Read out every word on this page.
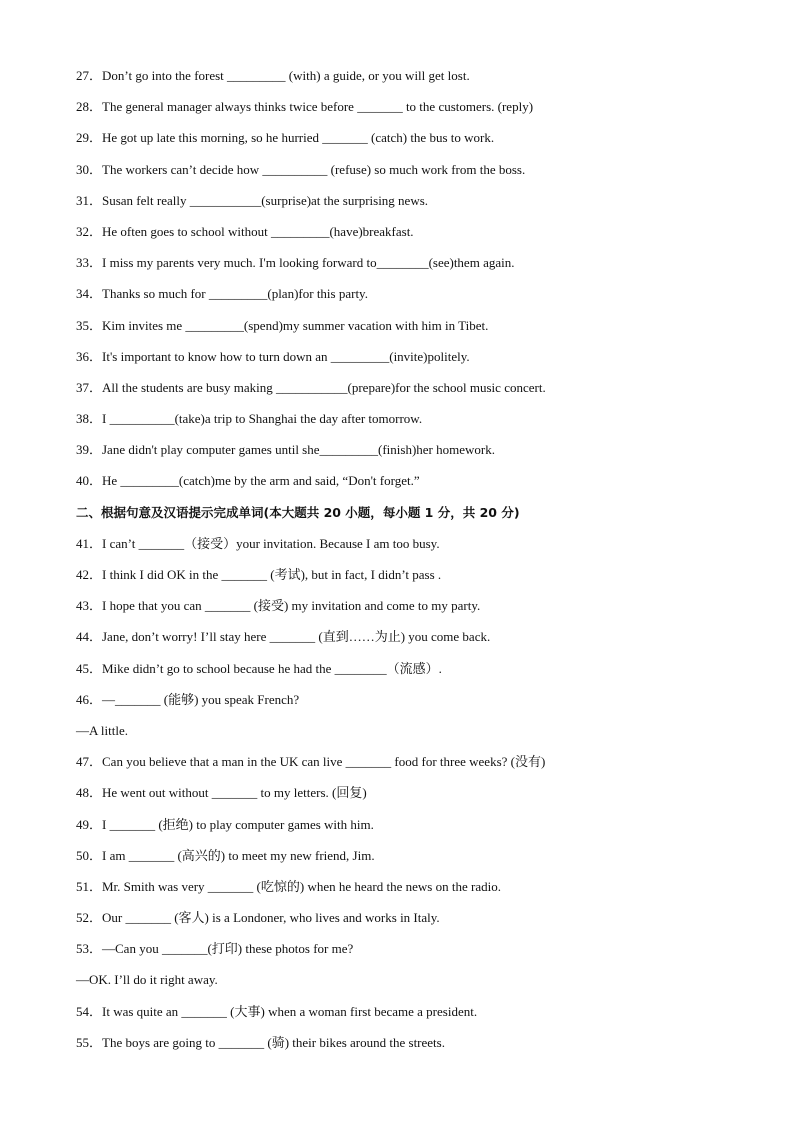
27．Don’t go into the forest _________ (with) a guide, or you will get lost.
28．The general manager always thinks twice before _______ to the customers. (reply)
29．He got up late this morning, so he hurried _______ (catch) the bus to work.
30．The workers can’t decide how __________ (refuse) so much work from the boss.
31．Susan felt really ___________(surprise)at the surprising news.
32．He often goes to school without _________(have)breakfast.
33．I miss my parents very much. I'm looking forward to________(see)them again.
34．Thanks so much for _________(plan)for this party.
35．Kim invites me _________(spend)my summer vacation with him in Tibet.
36．It's important to know how to turn down an _________(invite)politely.
37．All the students are busy making ___________(prepare)for the school music concert.
38．I __________(take)a trip to Shanghai the day after tomorrow.
39．Jane didn't play computer games until she_________(finish)her homework.
40．He _________(catch)me by the arm and said, “Don't forget.”
二、根据句意及汉语提示完成单词(本大题共 20 小题，每小题 1 分，共 20 分)
41．I can’t _______（接受）your invitation. Because I am too busy.
42．I think I did OK in the _______ (考试), but in fact, I didn’t pass .
43．I hope that you can _______ (接受) my invitation and come to my party.
44．Jane, don’t worry! I’ll stay here _______ (直到……为止) you come back.
45．Mike didn’t go to school because he had the ________（流感）.
46．—_______ (能够) you speak French?
—A little.
47．Can you believe that a man in the UK can live _______ food for three weeks? (没有)
48．He went out without _______ to my letters. (回复)
49．I _______ (拒绝) to play computer games with him.
50．I am _______ (高兴的) to meet my new friend, Jim.
51．Mr. Smith was very _______ (吃惊的) when he heard the news on the radio.
52．Our _______ (客人) is a Londoner, who lives and works in Italy.
53．—Can you _______(打印) these photos for me?
—OK. I’ll do it right away.
54．It was quite an _______ (大事) when a woman first became a president.
55．The boys are going to _______ (骑) their bikes around the streets.
